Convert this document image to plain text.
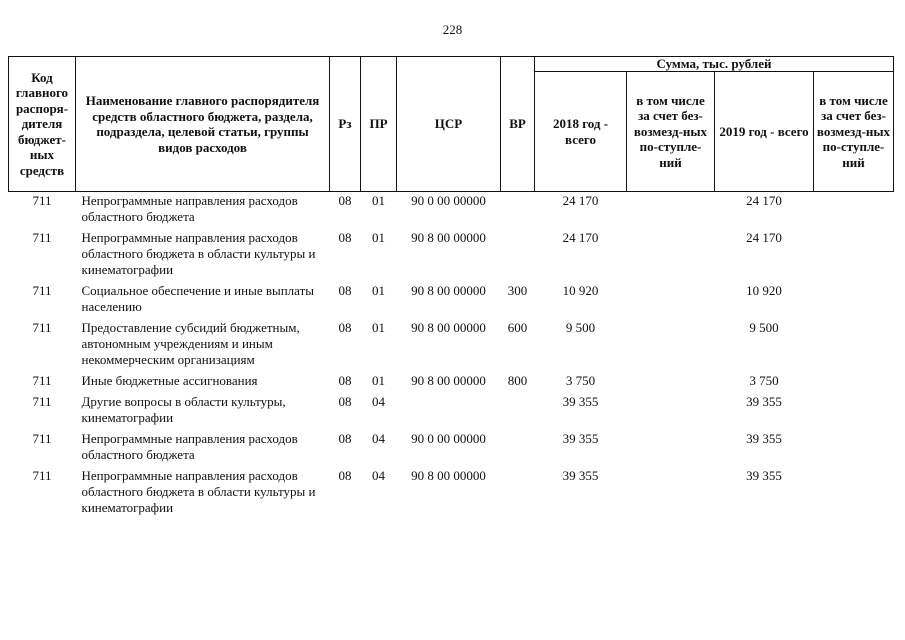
228
Код главного распоря-дителя бюджет-ных средств	Наименование главного распорядителя средств областного бюджета, раздела, подраздела, целевой статьи, группы видов расходов	Рз	ПР	ЦСР	ВР	Сумма, тыс. рублей			
						2018 год - всего	в том числе за счет без-возмезд-ных по-ступле-ний	2019 год - всего	в том числе за счет без-возмезд-ных по-ступле-ний
711	Непрограммные направления расходов областного бюджета	08	01	90 0 00 00000		24 170		24 170	
711	Непрограммные направления расходов областного бюджета в области культуры и кинематографии	08	01	90 8 00 00000		24 170		24 170	
711	Социальное обеспечение и иные выплаты населению	08	01	90 8 00 00000	300	10 920		10 920	
711	Предоставление субсидий бюджетным, автономным учреждениям и иным некоммерческим организациям	08	01	90 8 00 00000	600	9 500		9 500	
711	Иные бюджетные ассигнования	08	01	90 8 00 00000	800	3 750		3 750	
711	Другие вопросы в области культуры, кинематографии	08	04			39 355		39 355	
711	Непрограммные направления расходов областного бюджета	08	04	90 0 00 00000		39 355		39 355	
711	Непрограммные направления расходов областного бюджета в области культуры и кинематографии	08	04	90 8 00 00000		39 355		39 355	
